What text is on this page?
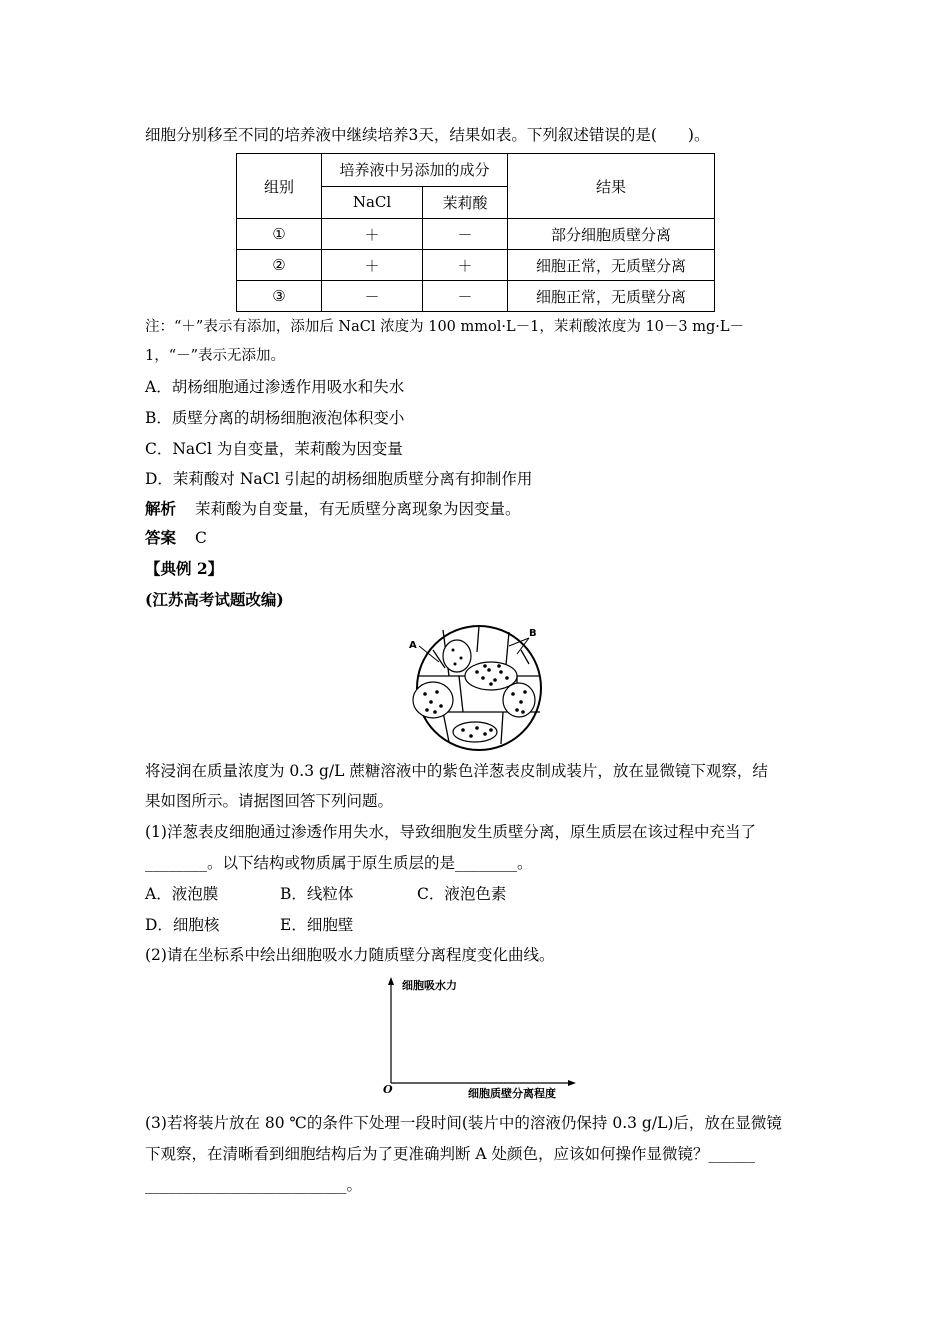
细胞分别移至不同的培养液中继续培养3天，结果如表。下列叙述错误的是(　　)。
组别	培养液中另添加的成分		结果
	NaCl	茉莉酸	
①	＋	－	部分细胞质壁分离
②	＋	＋	细胞正常，无质壁分离
③	－	－	细胞正常，无质壁分离
注：“＋”表示有添加，添加后 NaCl 浓度为 100 mmol·L－1，茉莉酸浓度为 10－3 mg·L－
1，“－”表示无添加。
A．胡杨细胞通过渗透作用吸水和失水
B．质壁分离的胡杨细胞液泡体积变小
C．NaCl 为自变量，茉莉酸为因变量
D．茉莉酸对 NaCl 引起的胡杨细胞质壁分离有抑制作用
解析 茉莉酸为自变量，有无质壁分离现象为因变量。
答案 C
【典例 2】
(江苏高考试题改编)
A
B
将浸润在质量浓度为 0.3 g/L 蔗糖溶液中的紫色洋葱表皮制成装片，放在显微镜下观察，结
果如图所示。请据图回答下列问题。
(1)洋葱表皮细胞通过渗透作用失水，导致细胞发生质壁分离，原生质层在该过程中充当了
________。以下结构或物质属于原生质层的是________。
A．液泡膜	B．线粒体	C．液泡色素
D．细胞核	E．细胞壁
(2)请在坐标系中绘出细胞吸水力随质壁分离程度变化曲线。
细胞吸水力
细胞质壁分离程度
O
(3)若将装片放在 80 ℃的条件下处理一段时间(装片中的溶液仍保持 0.3 g/L)后，放在显微镜
下观察，在清晰看到细胞结构后为了更准确判断 A 处颜色，应该如何操作显微镜？______
__________________________。
